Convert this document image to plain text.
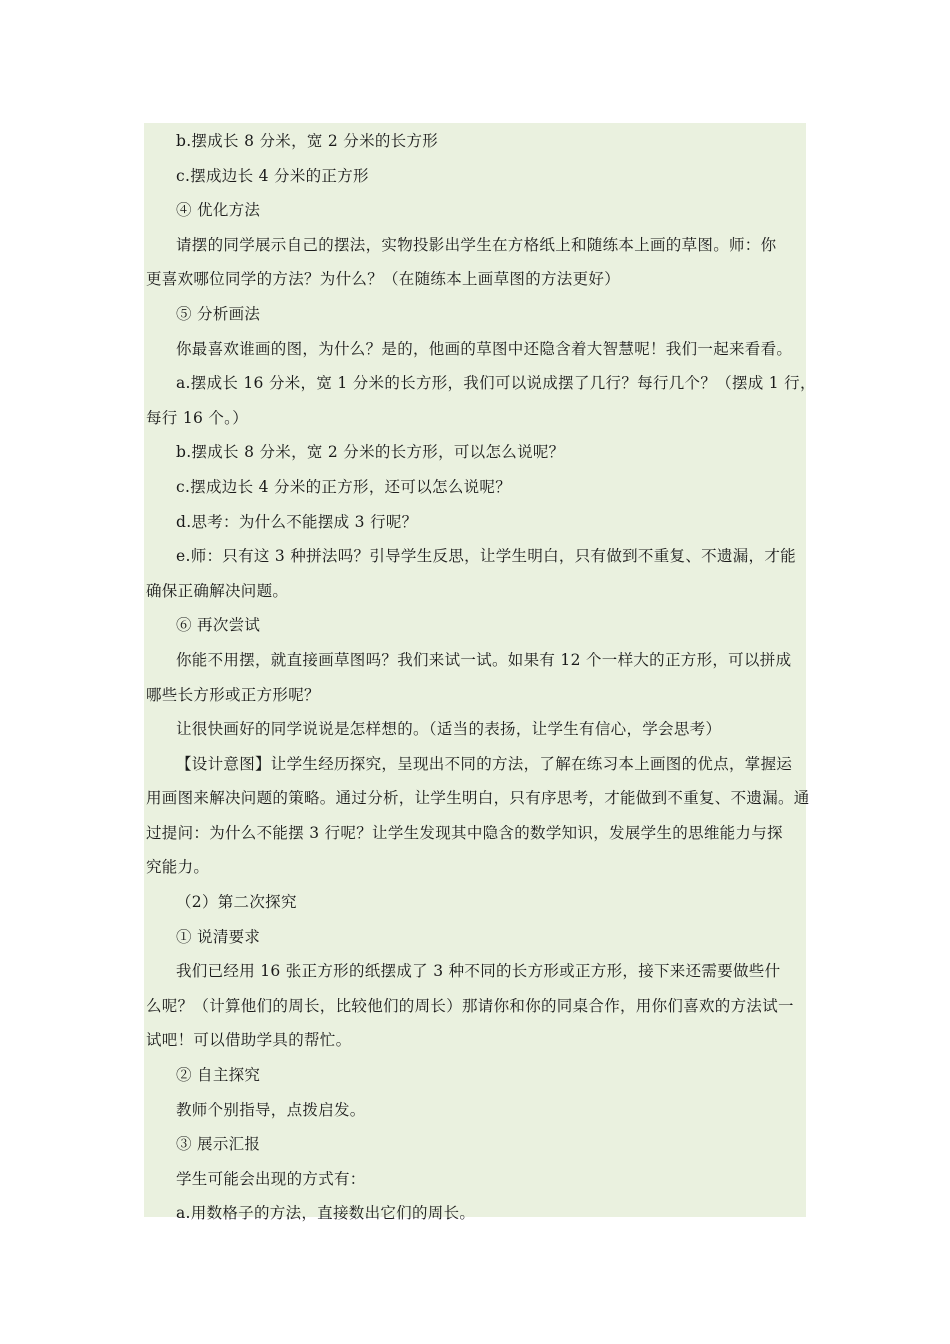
b.摆成长 8 分米，宽 2 分米的长方形
c.摆成边长 4 分米的正方形
④ 优化方法
请摆的同学展示自己的摆法，实物投影出学生在方格纸上和随练本上画的草图。师：你
更喜欢哪位同学的方法？为什么？（在随练本上画草图的方法更好）
⑤ 分析画法
你最喜欢谁画的图，为什么？是的，他画的草图中还隐含着大智慧呢！我们一起来看看。
a.摆成长 16 分米，宽 1 分米的长方形，我们可以说成摆了几行？每行几个？（摆成 1 行，
每行 16 个。）
b.摆成长 8 分米，宽 2 分米的长方形，可以怎么说呢？
c.摆成边长 4 分米的正方形，还可以怎么说呢？
d.思考：为什么不能摆成 3 行呢？
e.师：只有这 3 种拼法吗？引导学生反思，让学生明白，只有做到不重复、不遗漏，才能
确保正确解决问题。
⑥ 再次尝试
你能不用摆，就直接画草图吗？我们来试一试。如果有 12 个一样大的正方形，可以拼成
哪些长方形或正方形呢？
让很快画好的同学说说是怎样想的。（适当的表扬，让学生有信心，学会思考）
【设计意图】让学生经历探究，呈现出不同的方法，了解在练习本上画图的优点，掌握运
用画图来解决问题的策略。通过分析，让学生明白，只有序思考，才能做到不重复、不遗漏。通
过提问：为什么不能摆 3 行呢？让学生发现其中隐含的数学知识，发展学生的思维能力与探
究能力。
（2）第二次探究
① 说清要求
我们已经用 16 张正方形的纸摆成了 3 种不同的长方形或正方形，接下来还需要做些什
么呢？（计算他们的周长，比较他们的周长）那请你和你的同桌合作，用你们喜欢的方法试一
试吧！可以借助学具的帮忙。
② 自主探究
教师个别指导，点拨启发。
③ 展示汇报
学生可能会出现的方式有：
a.用数格子的方法，直接数出它们的周长。
